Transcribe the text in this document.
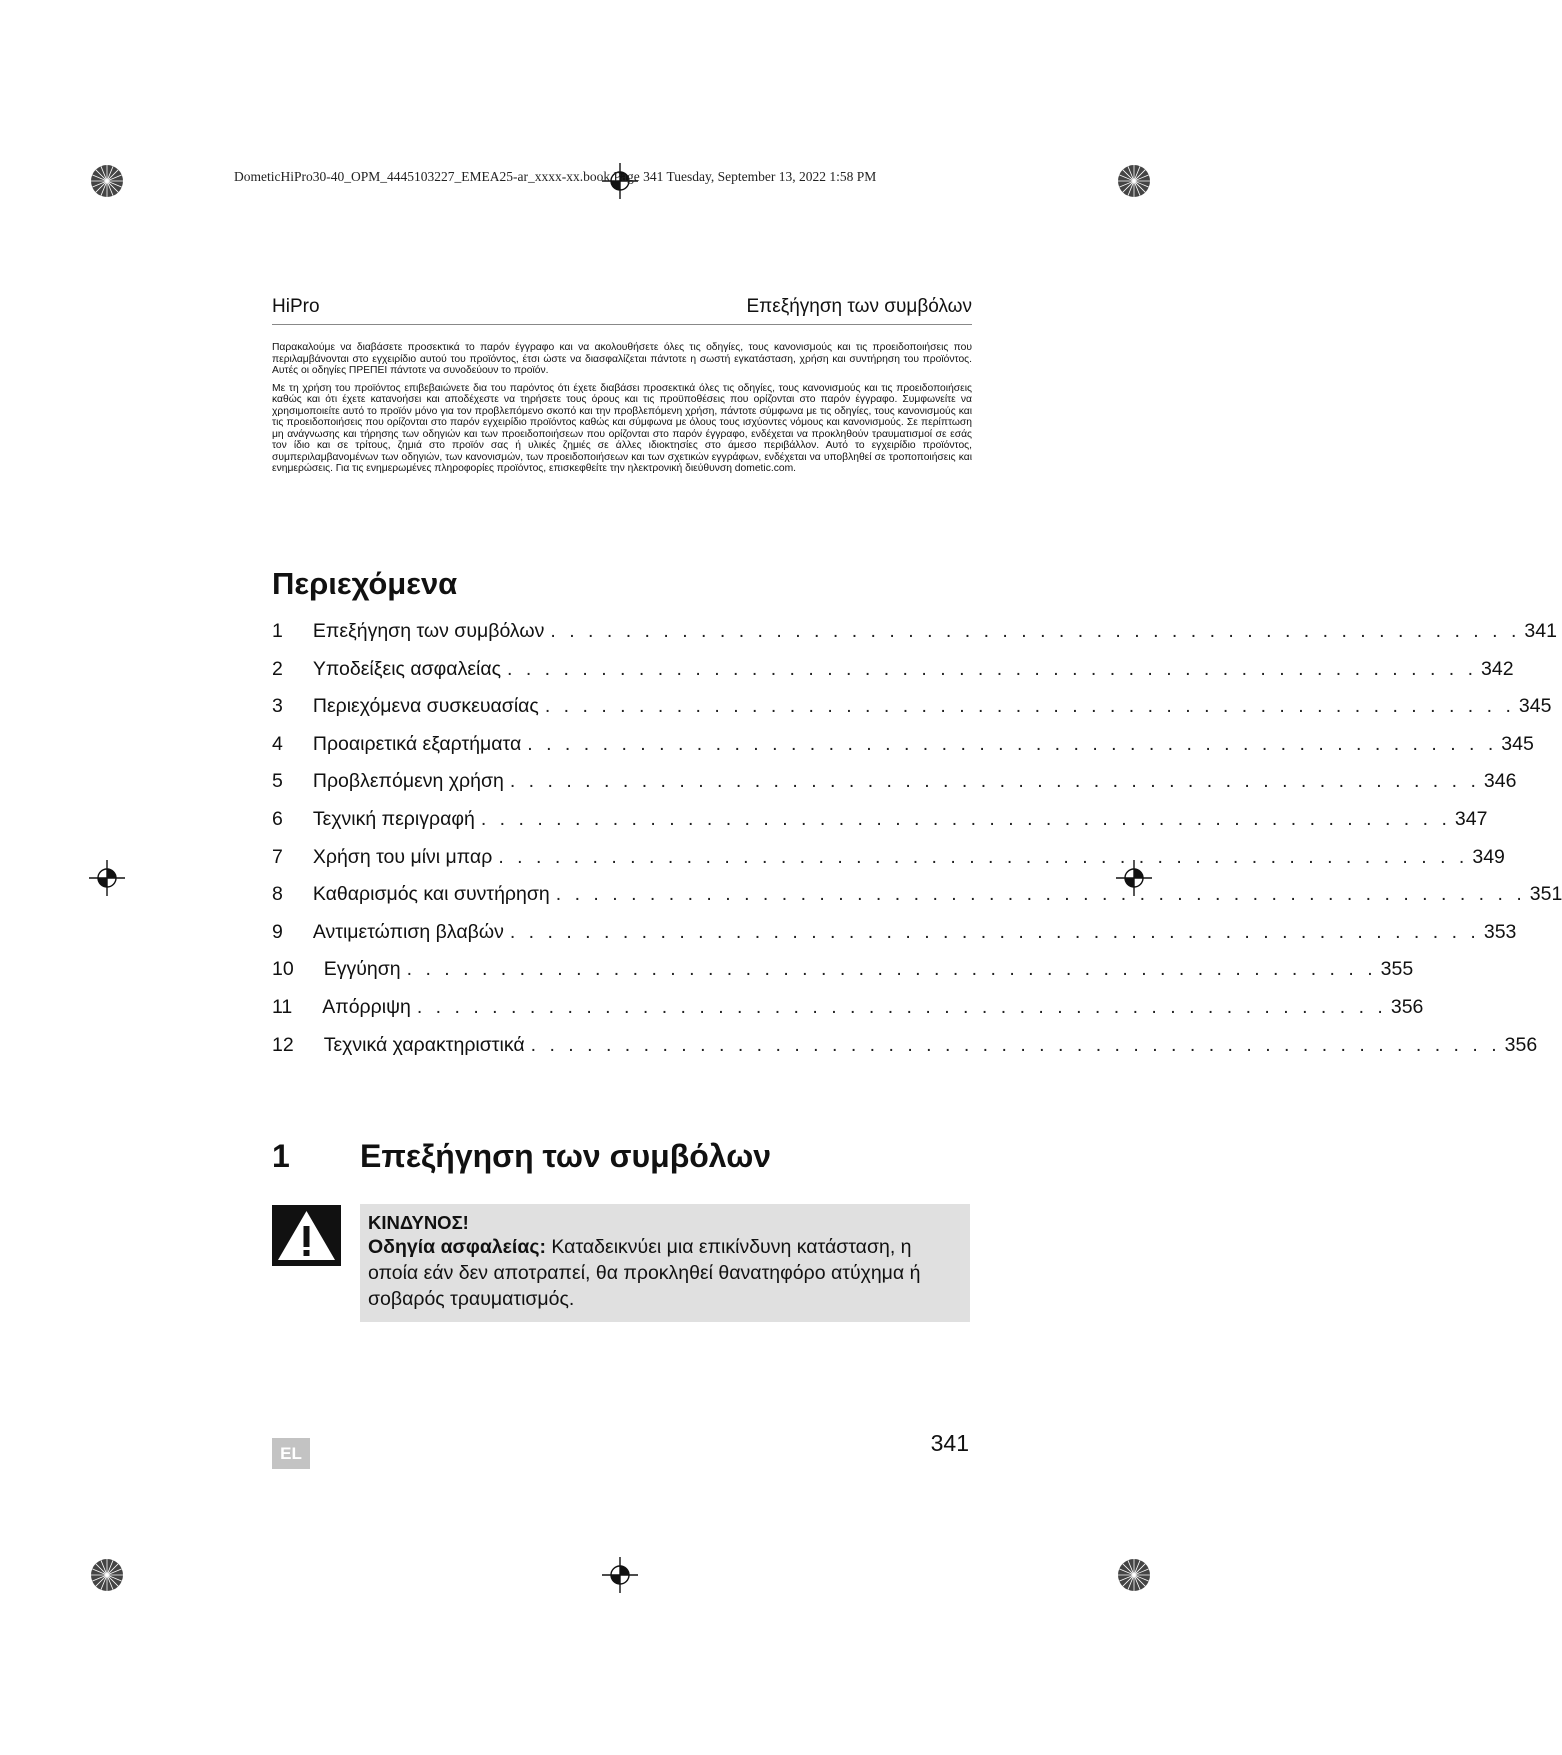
DometicHiPro30-40_OPM_4445103227_EMEA25-ar_xxxx-xx.book Page 341 Tuesday, September 13, 2022 1:58 PM
HiPro	Επεξήγηση των συμβόλων

Παρακαλούμε να διαβάσετε προσεκτικά το παρόν έγγραφο και να ακολουθήσετε όλες τις οδηγίες, τους κανονισμούς και τις προειδοποιήσεις που περιλαμβάνονται στο εγχειρίδιο αυτού του προϊόντος, έτσι ώστε να διασφαλίζεται πάντοτε η σωστή εγκατάσταση, χρήση και συντήρηση του προϊόντος. Αυτές οι οδηγίες ΠΡΕΠΕΙ πάντοτε να συνοδεύουν το προϊόν.

Με τη χρήση του προϊόντος επιβεβαιώνετε δια του παρόντος ότι έχετε διαβάσει προσεκτικά όλες τις οδηγίες, τους κανονισμούς και τις προειδοποιήσεις καθώς και ότι έχετε κατανοήσει και αποδέχεστε να τηρήσετε τους όρους και τις προϋποθέσεις που ορίζονται στο παρόν έγγραφο. Συμφωνείτε να χρησιμοποιείτε αυτό το προϊόν μόνο για τον προβλεπόμενο σκοπό και την προβλεπόμενη χρήση, πάντοτε σύμφωνα με τις οδηγίες, τους κανονισμούς και τις προειδοποιήσεις που ορίζονται στο παρόν εγχειρίδιο προϊόντος καθώς και σύμφωνα με όλους τους ισχύοντες νόμους και κανονισμούς. Σε περίπτωση μη ανάγνωσης και τήρησης των οδηγιών και των προειδοποιήσεων που ορίζονται στο παρόν έγγραφο, ενδέχεται να προκληθούν τραυματισμοί σε εσάς τον ίδιο και σε τρίτους, ζημιά στο προϊόν σας ή υλικές ζημιές σε άλλες ιδιοκτησίες στο άμεσο περιβάλλον. Αυτό το εγχειρίδιο προϊόντος, συμπεριλαμβανομένων των οδηγιών, των κανονισμών, των προειδοποιήσεων και των σχετικών εγγράφων, ενδέχεται να υποβληθεί σε τροποποιήσεις και ενημερώσεις. Για τις ενημερωμένες πληροφορίες προϊόντος, επισκεφθείτε την ηλεκτρονική διεύθυνση dometic.com.

Περιεχόμενα
1	Επεξήγηση των συμβόλων . . . . . . . . . . . . . . . . . . . . . . . . . . . . . . . . . . . . . . . . . . . . . . . . . . . . 341
2	Υποδείξεις ασφαλείας . . . . . . . . . . . . . . . . . . . . . . . . . . . . . . . . . . . . . . . . . . . . . . . . . . . . 342
3	Περιεχόμενα συσκευασίας . . . . . . . . . . . . . . . . . . . . . . . . . . . . . . . . . . . . . . . . . . . . . . . . . . . . 345
4	Προαιρετικά εξαρτήματα . . . . . . . . . . . . . . . . . . . . . . . . . . . . . . . . . . . . . . . . . . . . . . . . . . . . 345
5	Προβλεπόμενη χρήση . . . . . . . . . . . . . . . . . . . . . . . . . . . . . . . . . . . . . . . . . . . . . . . . . . . . 346
6	Τεχνική περιγραφή . . . . . . . . . . . . . . . . . . . . . . . . . . . . . . . . . . . . . . . . . . . . . . . . . . . . 347
7	Χρήση του μίνι μπαρ . . . . . . . . . . . . . . . . . . . . . . . . . . . . . . . . . . . . . . . . . . . . . . . . . . . . 349
8	Καθαρισμός και συντήρηση . . . . . . . . . . . . . . . . . . . . . . . . . . . . . . . . . . . . . . . . . . . . . . . . . . . . 351
9	Αντιμετώπιση βλαβών . . . . . . . . . . . . . . . . . . . . . . . . . . . . . . . . . . . . . . . . . . . . . . . . . . . . 353
10	Εγγύηση . . . . . . . . . . . . . . . . . . . . . . . . . . . . . . . . . . . . . . . . . . . . . . . . . . . . 355
11	Απόρριψη . . . . . . . . . . . . . . . . . . . . . . . . . . . . . . . . . . . . . . . . . . . . . . . . . . . . 356
12	Τεχνικά χαρακτηριστικά . . . . . . . . . . . . . . . . . . . . . . . . . . . . . . . . . . . . . . . . . . . . . . . . . . . . 356
1 Επεξήγηση των συμβόλων
ΚΙΝΔΥΝΟΣ!
Οδηγία ασφαλείας: Καταδεικνύει μια επικίνδυνη κατάσταση, η οποία εάν δεν αποτραπεί, θα προκληθεί θανατηφόρο ατύχημα ή σοβαρός τραυματισμός.
EL	341
